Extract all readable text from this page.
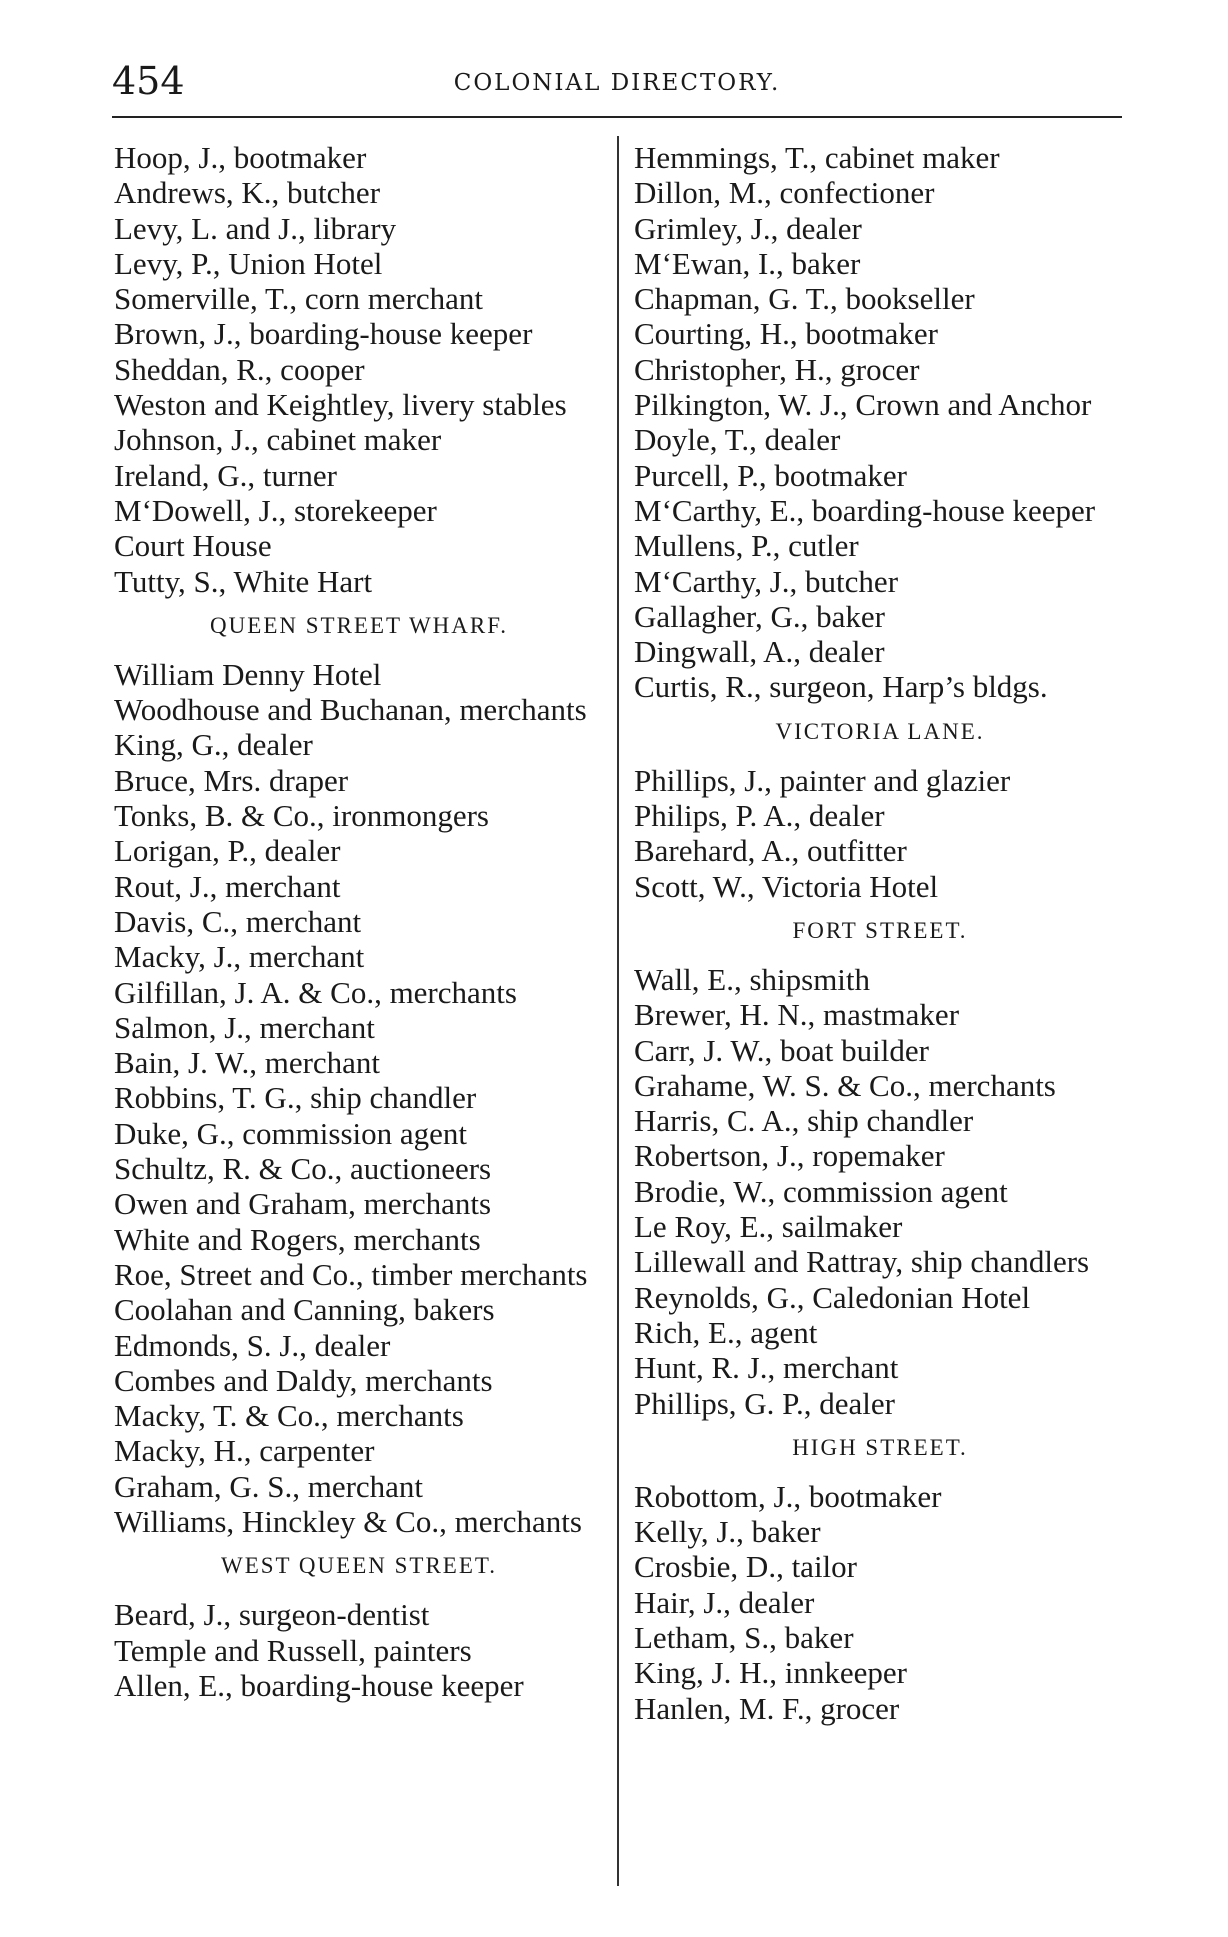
454	COLONIAL DIRECTORY.
Hoop, J., bootmaker
Andrews, K., butcher
Levy, L. and J., library
Levy, P., Union Hotel
Somerville, T., corn merchant
Brown, J., boarding-house keeper
Sheddan, R., cooper
Weston and Keightley, livery stables
Johnson, J., cabinet maker
Ireland, G., turner
M‘Dowell, J., storekeeper
Court House
Tutty, S., White Hart
QUEEN STREET WHARF.
William Denny Hotel
Woodhouse and Buchanan, merchants
King, G., dealer
Bruce, Mrs. draper
Tonks, B. & Co., ironmongers
Lorigan, P., dealer
Rout, J., merchant
Davis, C., merchant
Macky, J., merchant
Gilfillan, J. A. & Co., merchants
Salmon, J., merchant
Bain, J. W., merchant
Robbins, T. G., ship chandler
Duke, G., commission agent
Schultz, R. & Co., auctioneers
Owen and Graham, merchants
White and Rogers, merchants
Roe, Street and Co., timber merchants
Coolahan and Canning, bakers
Edmonds, S. J., dealer
Combes and Daldy, merchants
Macky, T. & Co., merchants
Macky, H., carpenter
Graham, G. S., merchant
Williams, Hinckley & Co., merchants
WEST QUEEN STREET.
Beard, J., surgeon-dentist
Temple and Russell, painters
Allen, E., boarding-house keeper
Hemmings, T., cabinet maker
Dillon, M., confectioner
Grimley, J., dealer
M‘Ewan, I., baker
Chapman, G. T., bookseller
Courting, H., bootmaker
Christopher, H., grocer
Pilkington, W. J., Crown and Anchor
Doyle, T., dealer
Purcell, P., bootmaker
M‘Carthy, E., boarding-house keeper
Mullens, P., cutler
M‘Carthy, J., butcher
Gallagher, G., baker
Dingwall, A., dealer
Curtis, R., surgeon, Harp’s bldgs.
VICTORIA LANE.
Phillips, J., painter and glazier
Philips, P. A., dealer
Barehard, A., outfitter
Scott, W., Victoria Hotel
FORT STREET.
Wall, E., shipsmith
Brewer, H. N., mastmaker
Carr, J. W., boat builder
Grahame, W. S. & Co., merchants
Harris, C. A., ship chandler
Robertson, J., ropemaker
Brodie, W., commission agent
Le Roy, E., sailmaker
Lillewall and Rattray, ship chandlers
Reynolds, G., Caledonian Hotel
Rich, E., agent
Hunt, R. J., merchant
Phillips, G. P., dealer
HIGH STREET.
Robottom, J., bootmaker
Kelly, J., baker
Crosbie, D., tailor
Hair, J., dealer
Letham, S., baker
King, J. H., innkeeper
Hanlen, M. F., grocer
